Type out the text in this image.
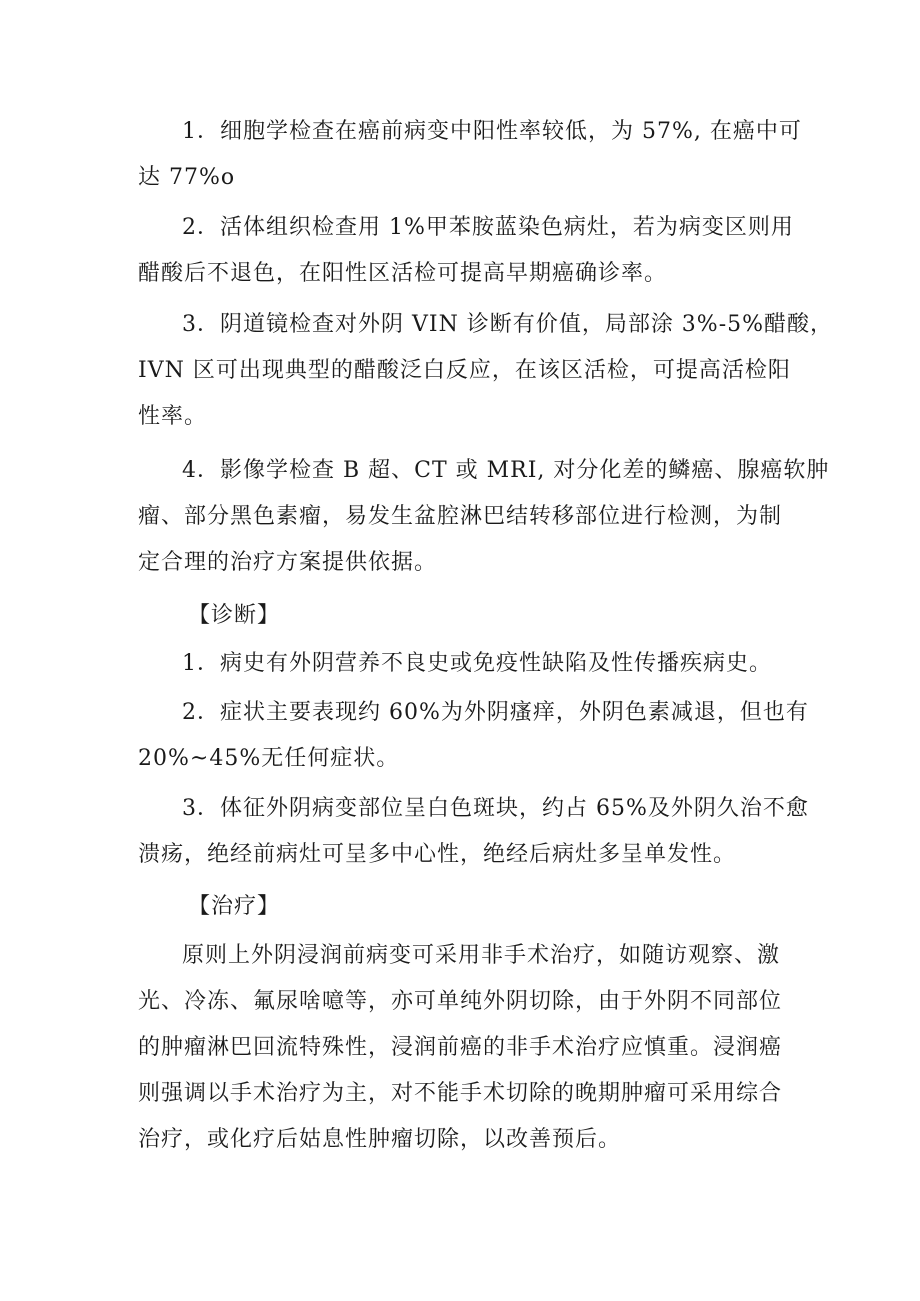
1．细胞学检查在癌前病变中阳性率较低，为 57%, 在癌中可
达 77%o
2．活体组织检查用 1%甲苯胺蓝染色病灶，若为病变区则用
醋酸后不退色，在阳性区活检可提高早期癌确诊率。
3．阴道镜检查对外阴 VIN 诊断有价值，局部涂 3%-5%醋酸，
IVN 区可出现典型的醋酸泛白反应，在该区活检，可提高活检阳
性率。
4．影像学检查 B 超、CT 或 MRI, 对分化差的鳞癌、腺癌软肿
瘤、部分黑色素瘤，易发生盆腔淋巴结转移部位进行检测，为制
定合理的治疗方案提供依据。
【诊断】
1．病史有外阴营养不良史或免疫性缺陷及性传播疾病史。
2．症状主要表现约 60%为外阴瘙痒，外阴色素减退，但也有
20%~45%无任何症状。
3．体征外阴病变部位呈白色斑块，约占 65%及外阴久治不愈
溃疡，绝经前病灶可呈多中心性，绝经后病灶多呈单发性。
【治疗】
原则上外阴浸润前病变可采用非手术治疗，如随访观察、激
光、冷冻、氟尿啥噫等，亦可单纯外阴切除，由于外阴不同部位
的肿瘤淋巴回流特殊性，浸润前癌的非手术治疗应慎重。浸润癌
则强调以手术治疗为主，对不能手术切除的晚期肿瘤可采用综合
治疗，或化疗后姑息性肿瘤切除，以改善预后。
